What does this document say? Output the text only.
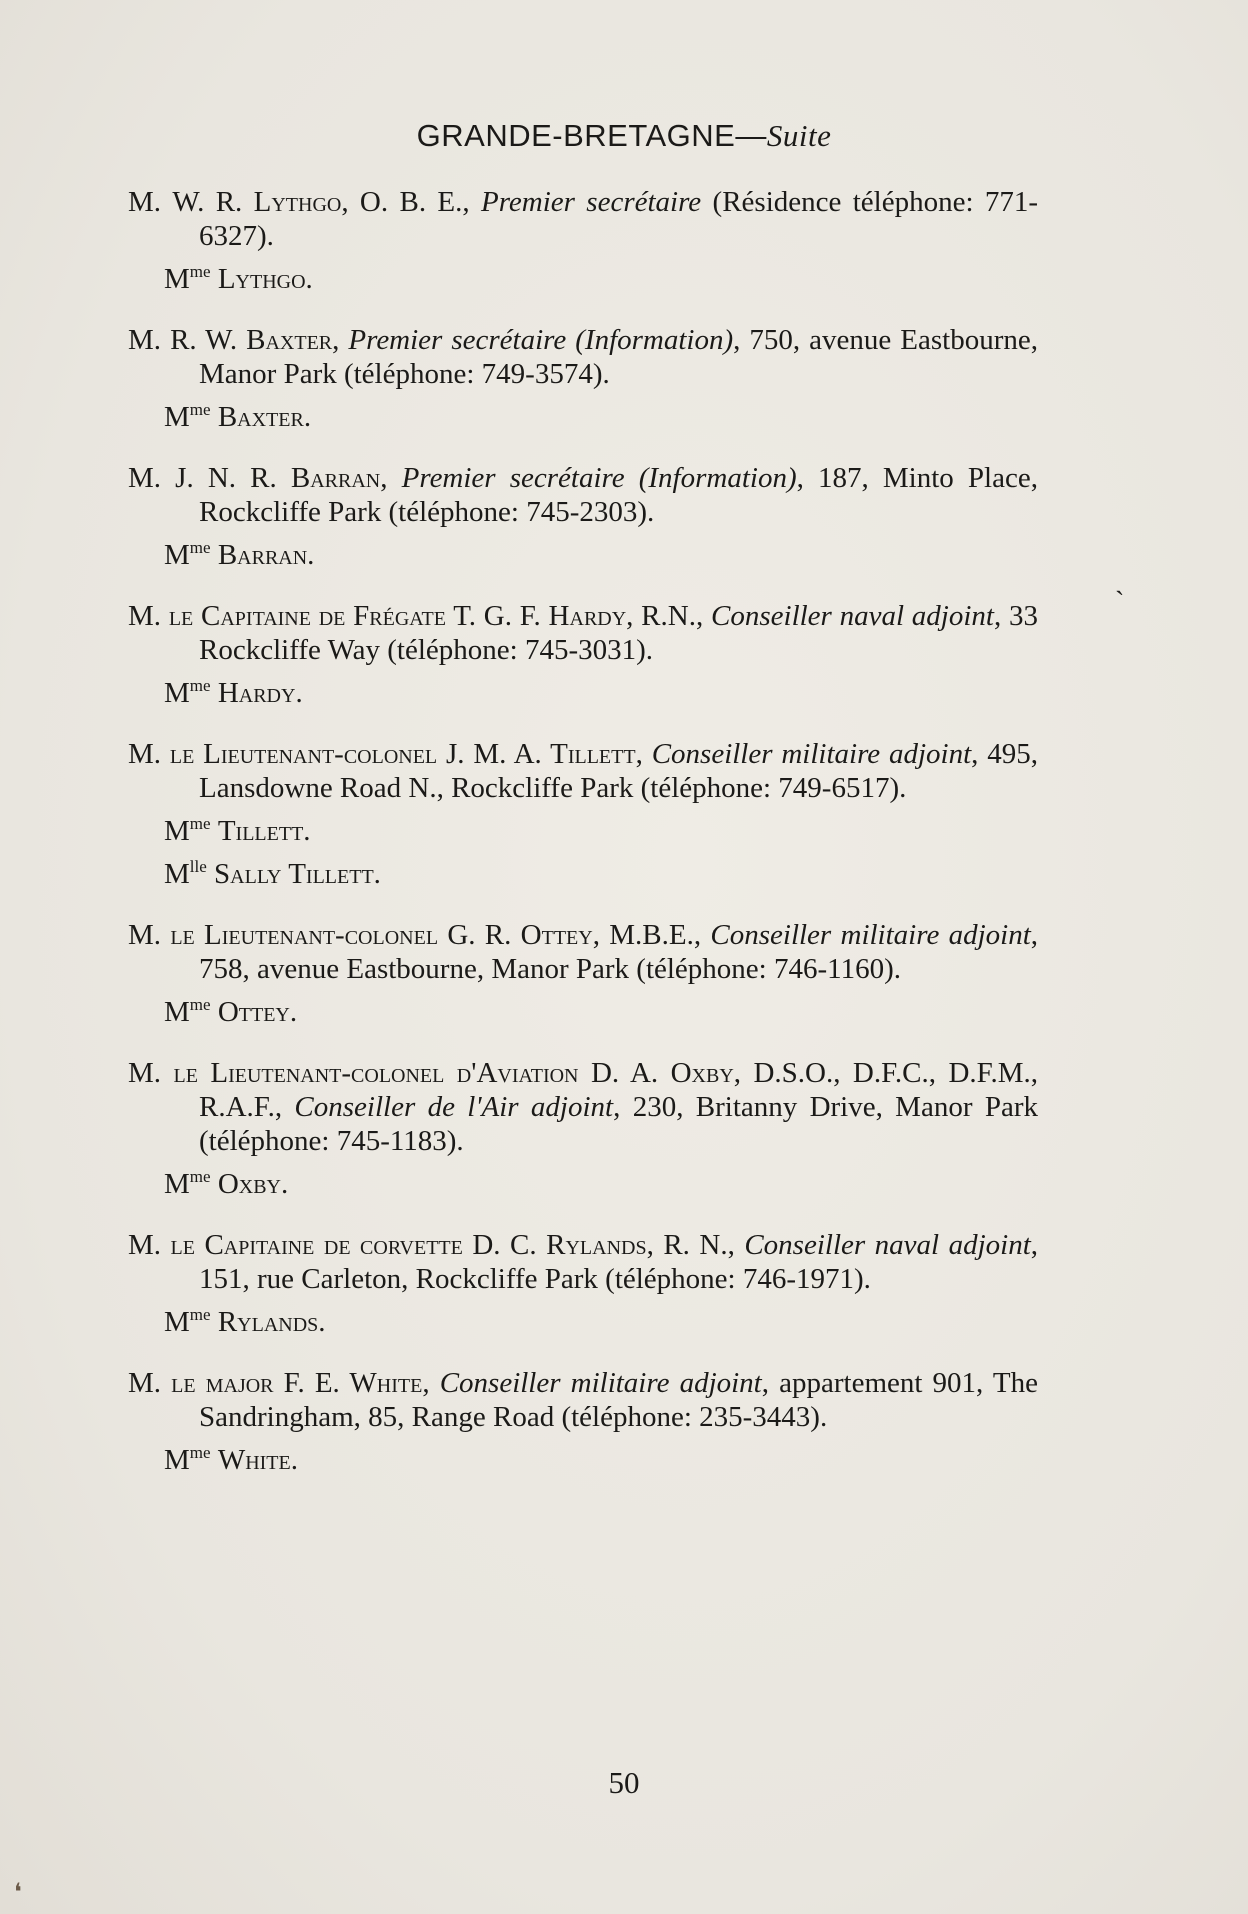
GRANDE-BRETAGNE—Suite

M. W. R. Lythgo, O. B. E., Premier secrétaire (Résidence téléphone: 771-6327).

$M^{me}$ Lythgo.

M. R. W. Baxter, Premier secrétaire (Information), 750, avenue Eastbourne, Manor Park (téléphone: 749-3574).

$M^{me}$ Baxter.

M. J. N. R. Barran, Premier secrétaire (Information), 187, Minto Place, Rockcliffe Park (téléphone: 745-2303).

$M^{me}$ Barran.

M. le Capitaine de Frégate T. G. F. Hardy, R.N., Conseiller naval adjoint, 33 Rockcliffe Way (téléphone: 745-3031).

$M^{me}$ Hardy.

M. le Lieutenant-colonel J. M. A. Tillett, Conseiller militaire adjoint, 495, Lansdowne Road N., Rockcliffe Park (téléphone: 749-6517).

$M^{me}$ Tillett.
$M^{lle}$ Sally Tillett.

M. le Lieutenant-colonel G. R. Ottey, M.B.E., Conseiller militaire adjoint, 758, avenue Eastbourne, Manor Park (téléphone: 746-1160).

$M^{me}$ Ottey.

M. le Lieutenant-colonel d'Aviation D. A. Oxby, D.S.O., D.F.C., D.F.M., R.A.F., Conseiller de l'Air adjoint, 230, Britanny Drive, Manor Park (téléphone: 745-1183).

$M^{me}$ Oxby.

M. le Capitaine de corvette D. C. Rylands, R. N., Conseiller naval adjoint, 151, rue Carleton, Rockcliffe Park (téléphone: 746-1971).

$M^{me}$ Rylands.

M. le major F. E. White, Conseiller militaire adjoint, appartement 901, The Sandringham, 85, Range Road (téléphone: 235-3443).

$M^{me}$ White.
ˏ
50
❛
